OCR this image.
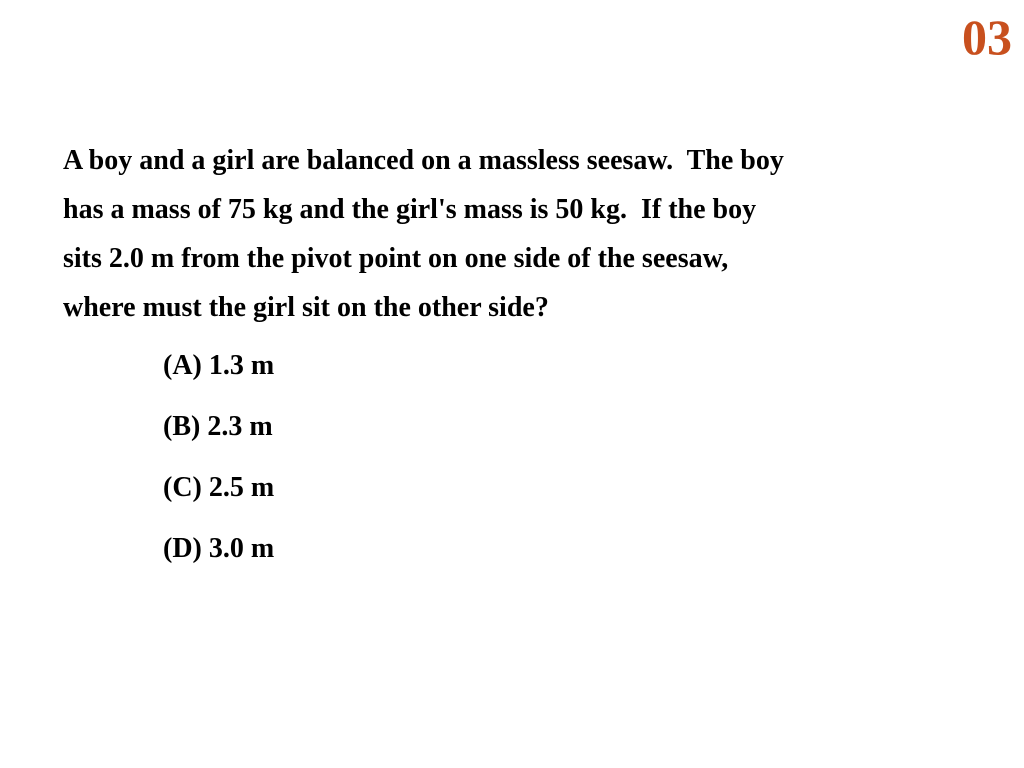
03

A boy and a girl are balanced on a massless seesaw.  The boy
has a mass of 75 kg and the girl's mass is 50 kg.  If the boy
sits 2.0 m from the pivot point on one side of the seesaw,
where must the girl sit on the other side?

(A) 1.3 m
(B) 2.3 m
(C) 2.5 m
(D) 3.0 m
